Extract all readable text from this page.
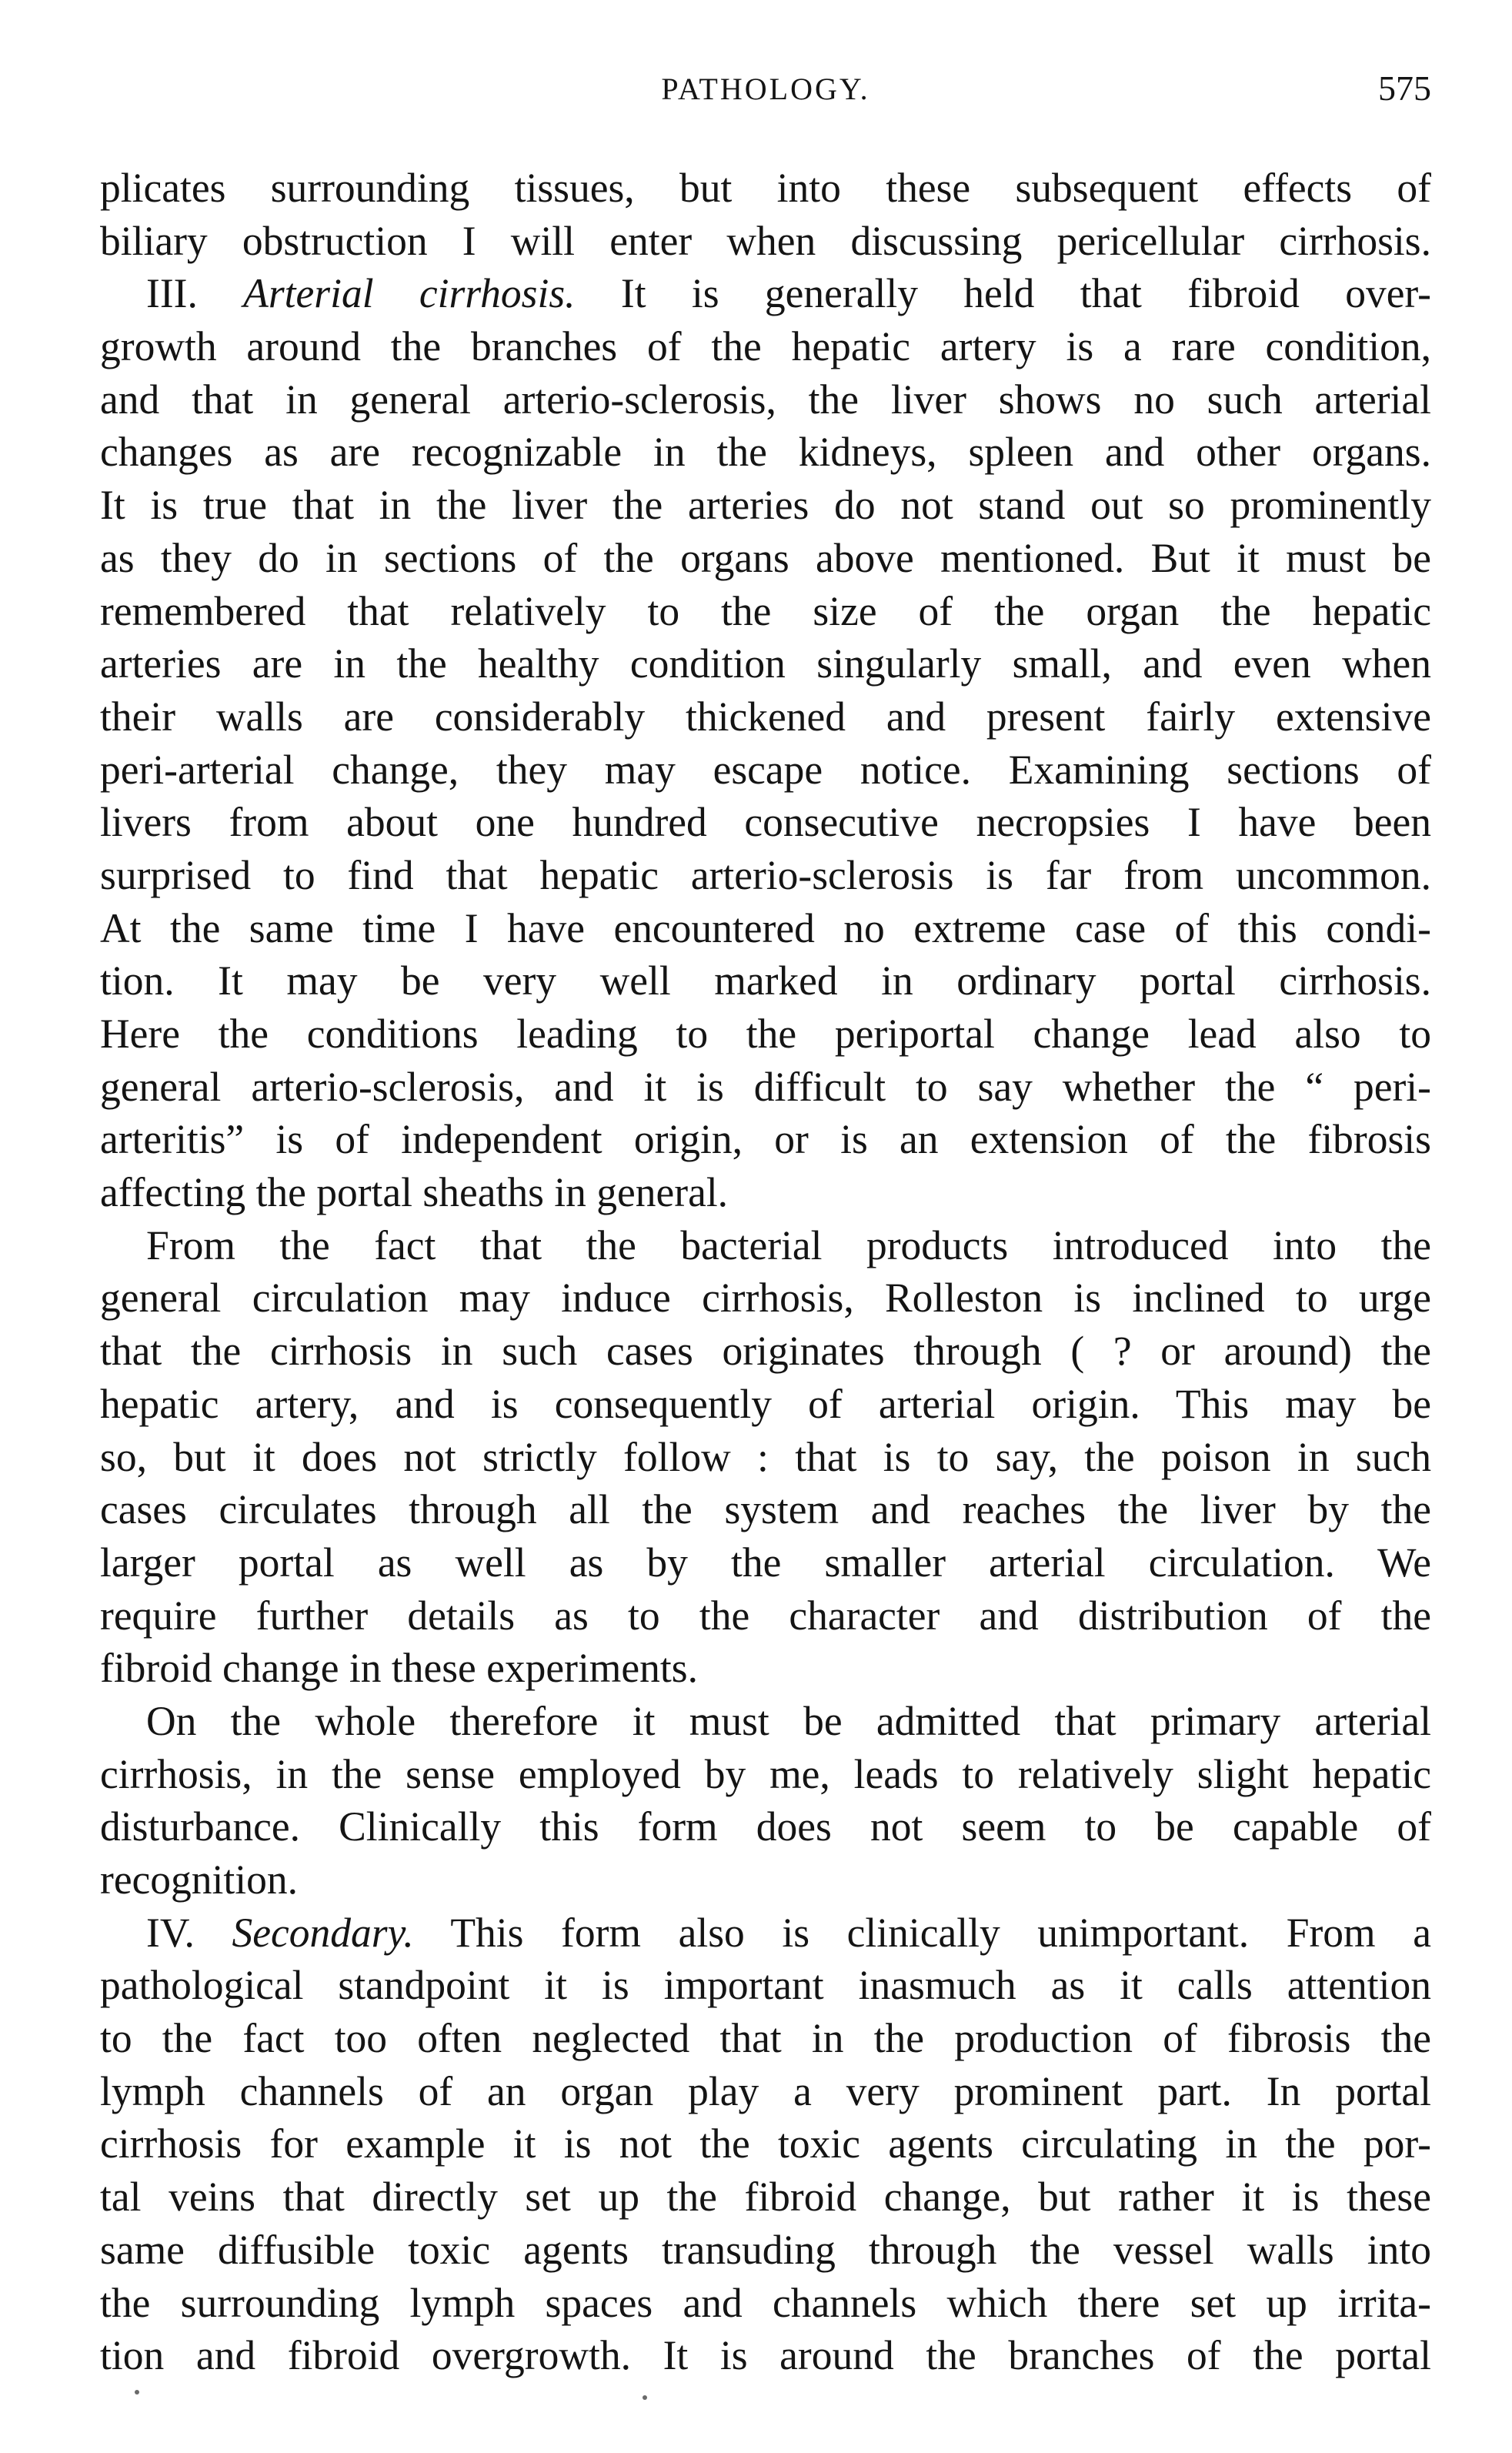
PATHOLOGY.	575
plicates surrounding tissues, but into these subsequent effects of
biliary obstruction I will enter when discussing pericellular cirrhosis.
III. Arterial cirrhosis. It is generally held that fibroid over-
growth around the branches of the hepatic artery is a rare condition,
and that in general arterio-sclerosis, the liver shows no such arterial
changes as are recognizable in the kidneys, spleen and other organs.
It is true that in the liver the arteries do not stand out so prominently
as they do in sections of the organs above mentioned. But it must be
remembered that relatively to the size of the organ the hepatic
arteries are in the healthy condition singularly small, and even when
their walls are considerably thickened and present fairly extensive
peri-arterial change, they may escape notice. Examining sections of
livers from about one hundred consecutive necropsies I have been
surprised to find that hepatic arterio-sclerosis is far from uncommon.
At the same time I have encountered no extreme case of this condi-
tion. It may be very well marked in ordinary portal cirrhosis.
Here the conditions leading to the periportal change lead also to
general arterio-sclerosis, and it is difficult to say whether the “ peri-
arteritis” is of independent origin, or is an extension of the fibrosis
affecting the portal sheaths in general.
From the fact that the bacterial products introduced into the
general circulation may induce cirrhosis, Rolleston is inclined to urge
that the cirrhosis in such cases originates through ( ? or around) the
hepatic artery, and is consequently of arterial origin. This may be
so, but it does not strictly follow : that is to say, the poison in such
cases circulates through all the system and reaches the liver by the
larger portal as well as by the smaller arterial circulation. We
require further details as to the character and distribution of the
fibroid change in these experiments.
On the whole therefore it must be admitted that primary arterial
cirrhosis, in the sense employed by me, leads to relatively slight hepatic
disturbance. Clinically this form does not seem to be capable of
recognition.
IV. Secondary. This form also is clinically unimportant. From a
pathological standpoint it is important inasmuch as it calls attention
to the fact too often neglected that in the production of fibrosis the
lymph channels of an organ play a very prominent part. In portal
cirrhosis for example it is not the toxic agents circulating in the por-
tal veins that directly set up the fibroid change, but rather it is these
same diffusible toxic agents transuding through the vessel walls into
the surrounding lymph spaces and channels which there set up irrita-
tion and fibroid overgrowth. It is around the branches of the portal
